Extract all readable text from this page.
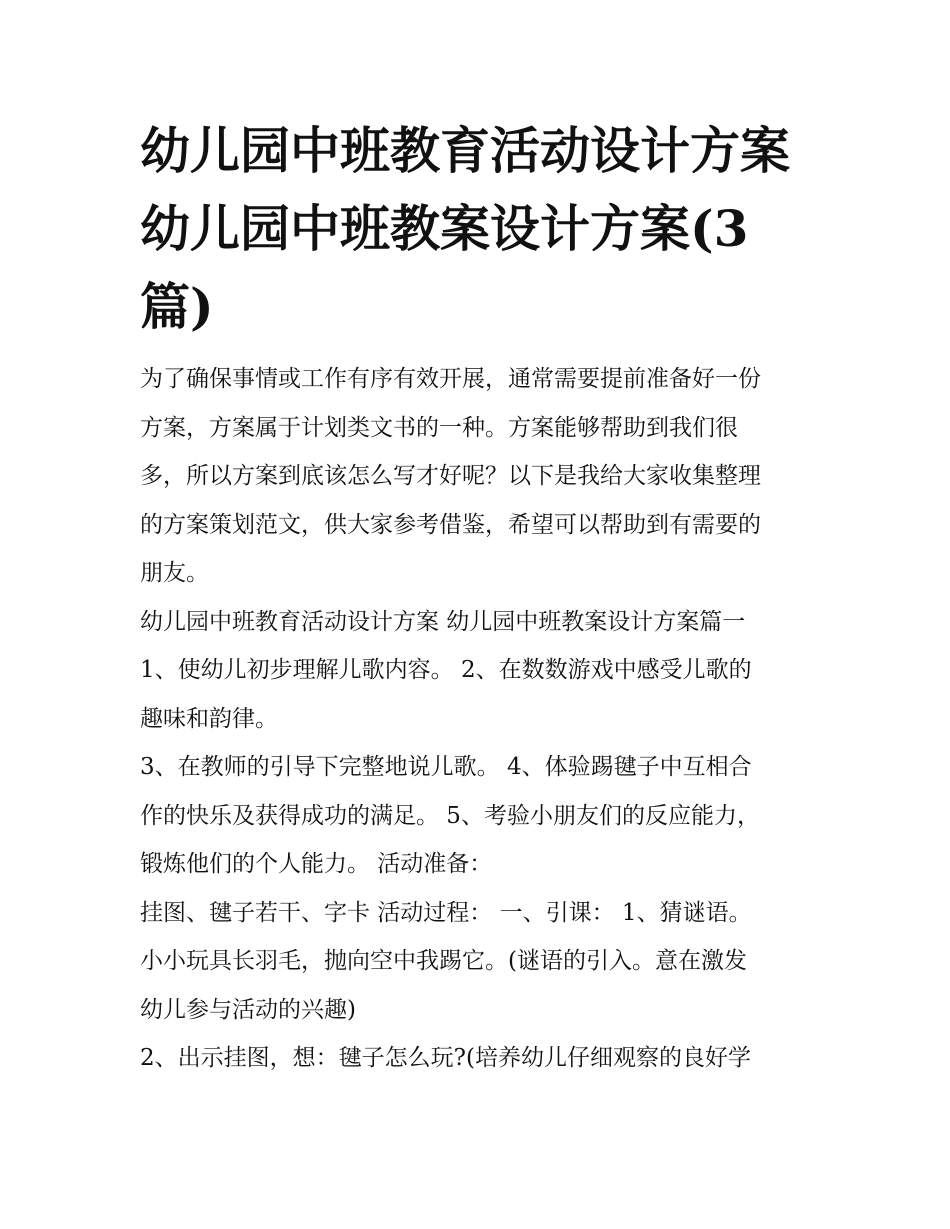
幼儿园中班教育活动设计方案
幼儿园中班教案设计方案(3
篇)
为了确保事情或工作有序有效开展，通常需要提前准备好一份
方案，方案属于计划类文书的一种。方案能够帮助到我们很
多，所以方案到底该怎么写才好呢？以下是我给大家收集整理
的方案策划范文，供大家参考借鉴，希望可以帮助到有需要的
朋友。
幼儿园中班教育活动设计方案 幼儿园中班教案设计方案篇一
1、使幼儿初步理解儿歌内容。 2、在数数游戏中感受儿歌的
趣味和韵律。
3、在教师的引导下完整地说儿歌。 4、体验踢毽子中互相合
作的快乐及获得成功的满足。 5、考验小朋友们的反应能力，
锻炼他们的个人能力。 活动准备：
挂图、毽子若干、字卡 活动过程： 一、引课： 1、猜谜语。
小小玩具长羽毛，抛向空中我踢它。(谜语的引入。意在激发
幼儿参与活动的兴趣)
2、出示挂图，想：毽子怎么玩?(培养幼儿仔细观察的良好学
